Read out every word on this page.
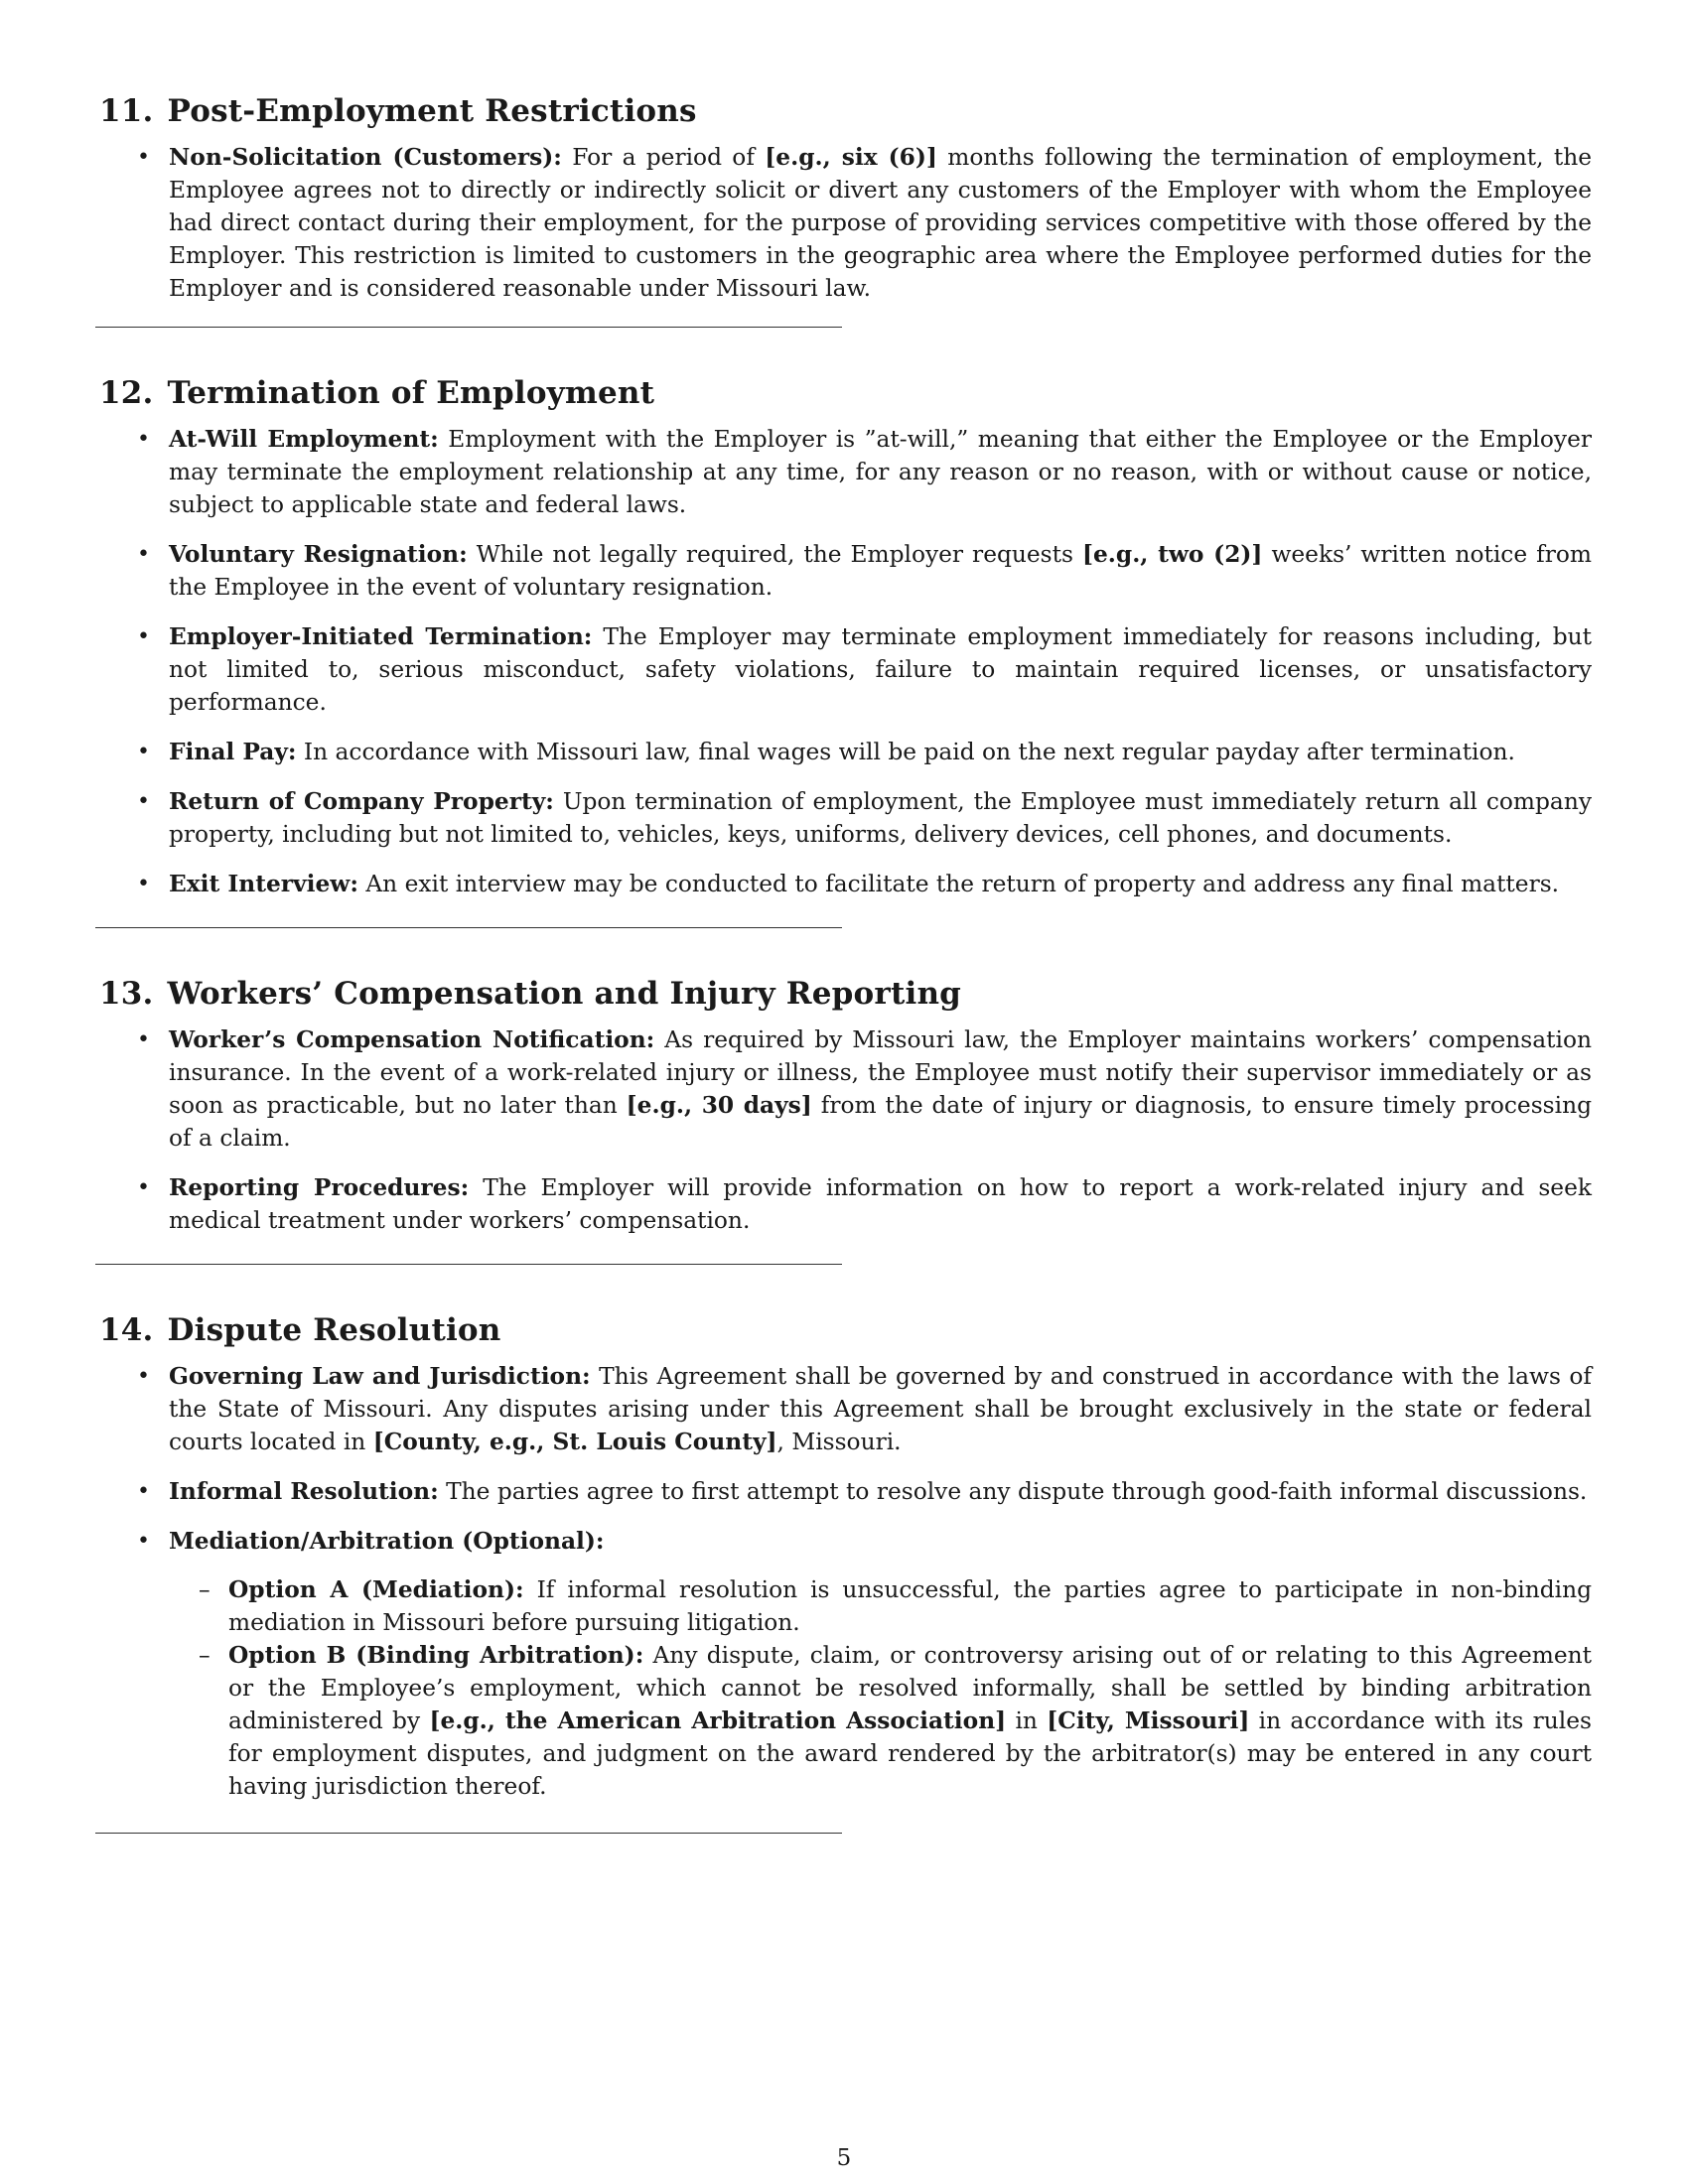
11. Post-Employment Restrictions
• Non-Solicitation (Customers): For a period of [e.g., six (6)] months following the termination of employment, the Employee agrees not to directly or indirectly solicit or divert any customers of the Employer with whom the Employee had direct contact during their employment, for the purpose of providing services competitive with those offered by the Employer. This restriction is limited to customers in the geographic area where the Employee performed duties for the Employer and is considered reasonable under Missouri law.
12. Termination of Employment
• At-Will Employment: Employment with the Employer is ”at-will,” meaning that either the Employee or the Employer may terminate the employment relationship at any time, for any reason or no reason, with or without cause or notice, subject to applicable state and federal laws.
• Voluntary Resignation: While not legally required, the Employer requests [e.g., two (2)] weeks’ written notice from the Employee in the event of voluntary resignation.
• Employer-Initiated Termination: The Employer may terminate employment immediately for reasons including, but not limited to, serious misconduct, safety violations, failure to maintain required licenses, or unsatisfactory performance.
• Final Pay: In accordance with Missouri law, final wages will be paid on the next regular payday after termination.
• Return of Company Property: Upon termination of employment, the Employee must immediately return all company property, including but not limited to, vehicles, keys, uniforms, delivery devices, cell phones, and documents.
• Exit Interview: An exit interview may be conducted to facilitate the return of property and address any final matters.
13. Workers’ Compensation and Injury Reporting
• Worker’s Compensation Notification: As required by Missouri law, the Employer maintains workers’ compensation insurance. In the event of a work-related injury or illness, the Employee must notify their supervisor immediately or as soon as practicable, but no later than [e.g., 30 days] from the date of injury or diagnosis, to ensure timely processing of a claim.
• Reporting Procedures: The Employer will provide information on how to report a work-related injury and seek medical treatment under workers’ compensation.
14. Dispute Resolution
• Governing Law and Jurisdiction: This Agreement shall be governed by and construed in accordance with the laws of the State of Missouri. Any disputes arising under this Agreement shall be brought exclusively in the state or federal courts located in [County, e.g., St. Louis County], Missouri.
• Informal Resolution: The parties agree to first attempt to resolve any dispute through good-faith informal discussions.
• Mediation/Arbitration (Optional):
– Option A (Mediation): If informal resolution is unsuccessful, the parties agree to participate in non-binding mediation in Missouri before pursuing litigation.
– Option B (Binding Arbitration): Any dispute, claim, or controversy arising out of or relating to this Agreement or the Employee’s employment, which cannot be resolved informally, shall be settled by binding arbitration administered by [e.g., the American Arbitration Association] in [City, Missouri] in accordance with its rules for employment disputes, and judgment on the award rendered by the arbitrator(s) may be entered in any court having jurisdiction thereof.
5
